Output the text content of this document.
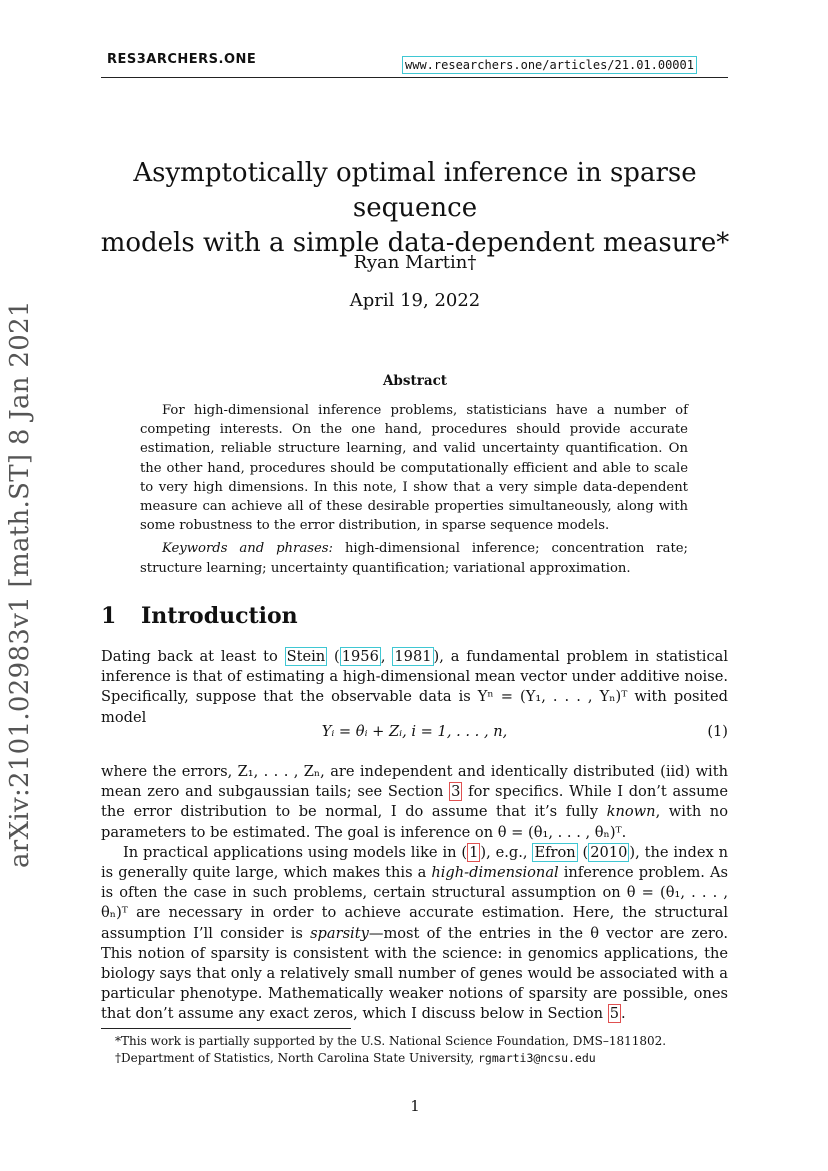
RES3ARCHERS.ONE	www.researchers.one/articles/21.01.00001
arXiv:2101.02983v1 [math.ST] 8 Jan 2021
Asymptotically optimal inference in sparse sequence
models with a simple data-dependent measure*
Ryan Martin†
April 19, 2022
Abstract

For high-dimensional inference problems, statisticians have a number of competing interests. On the one hand, procedures should provide accurate estimation, reliable structure learning, and valid uncertainty quantification. On the other hand, procedures should be computationally efficient and able to scale to very high dimensions. In this note, I show that a very simple data-dependent measure can achieve all of these desirable properties simultaneously, along with some robustness to the error distribution, in sparse sequence models.

Keywords and phrases: high-dimensional inference; concentration rate; structure learning; uncertainty quantification; variational approximation.

1 Introduction

Dating back at least to Stein ( 1956 , 1981 ), a fundamental problem in statistical inference is that of estimating a high-dimensional mean vector under additive noise. Specifically, suppose that the observable data is Yⁿ = (Y₁, . . . , Yₙ)ᵀ with posited model

Yᵢ = θᵢ + Zᵢ, i = 1, . . . , n,	(1)

where the errors, Z₁, . . . , Zₙ, are independent and identically distributed (iid) with mean zero and subgaussian tails; see Section 3 for specifics. While I don’t assume the error distribution to be normal, I do assume that it’s fully known, with no parameters to be estimated. The goal is inference on θ = (θ₁, . . . , θₙ)ᵀ.

In practical applications using models like in ( 1 ), e.g., Efron ( 2010 ), the index n is generally quite large, which makes this a high-dimensional inference problem. As is often the case in such problems, certain structural assumption on θ = (θ₁, . . . , θₙ)ᵀ are necessary in order to achieve accurate estimation. Here, the structural assumption I’ll consider is sparsity—most of the entries in the θ vector are zero. This notion of sparsity is consistent with the science: in genomics applications, the biology says that only a relatively small number of genes would be associated with a particular phenotype. Mathematically weaker notions of sparsity are possible, ones that don’t assume any exact zeros, which I discuss below in Section 5 .

*This work is partially supported by the U.S. National Science Foundation, DMS–1811802.
†Department of Statistics, North Carolina State University, rgmarti3@ncsu.edu
1
